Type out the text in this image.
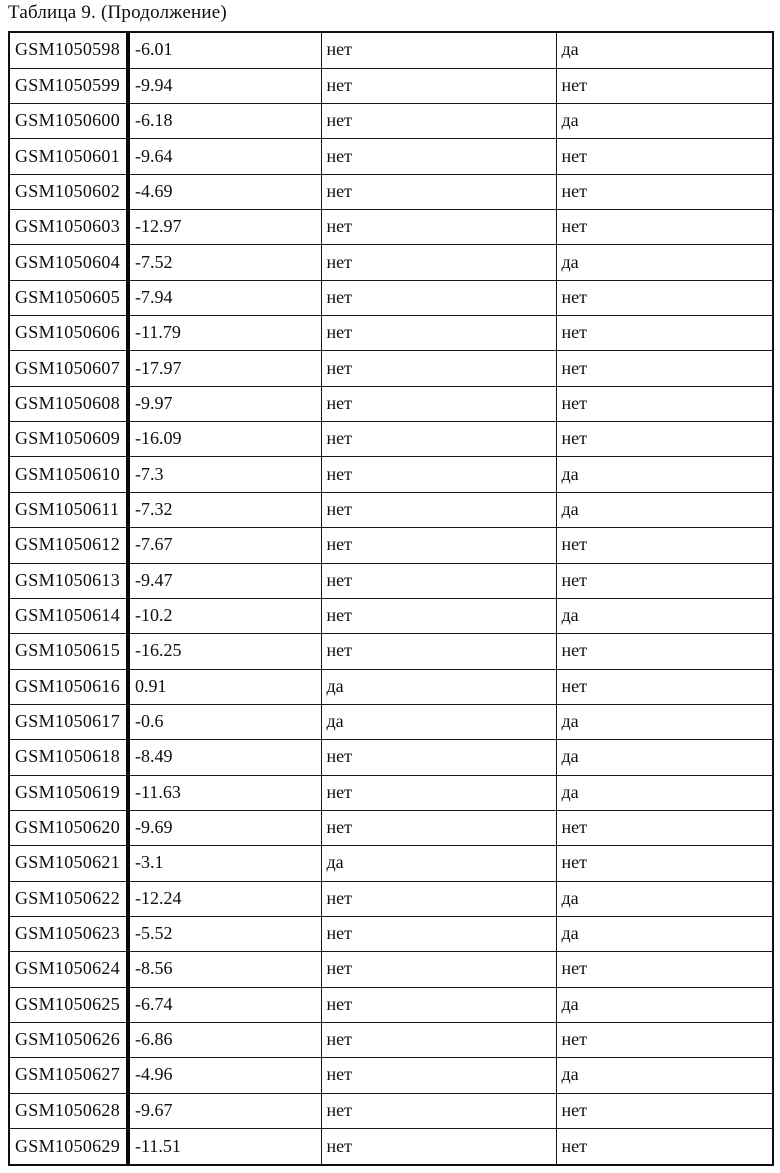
Таблица 9. (Продолжение)
GSM1050598	-6.01	нет	да
GSM1050599	-9.94	нет	нет
GSM1050600	-6.18	нет	да
GSM1050601	-9.64	нет	нет
GSM1050602	-4.69	нет	нет
GSM1050603	-12.97	нет	нет
GSM1050604	-7.52	нет	да
GSM1050605	-7.94	нет	нет
GSM1050606	-11.79	нет	нет
GSM1050607	-17.97	нет	нет
GSM1050608	-9.97	нет	нет
GSM1050609	-16.09	нет	нет
GSM1050610	-7.3	нет	да
GSM1050611	-7.32	нет	да
GSM1050612	-7.67	нет	нет
GSM1050613	-9.47	нет	нет
GSM1050614	-10.2	нет	да
GSM1050615	-16.25	нет	нет
GSM1050616	0.91	да	нет
GSM1050617	-0.6	да	да
GSM1050618	-8.49	нет	да
GSM1050619	-11.63	нет	да
GSM1050620	-9.69	нет	нет
GSM1050621	-3.1	да	нет
GSM1050622	-12.24	нет	да
GSM1050623	-5.52	нет	да
GSM1050624	-8.56	нет	нет
GSM1050625	-6.74	нет	да
GSM1050626	-6.86	нет	нет
GSM1050627	-4.96	нет	да
GSM1050628	-9.67	нет	нет
GSM1050629	-11.51	нет	нет
